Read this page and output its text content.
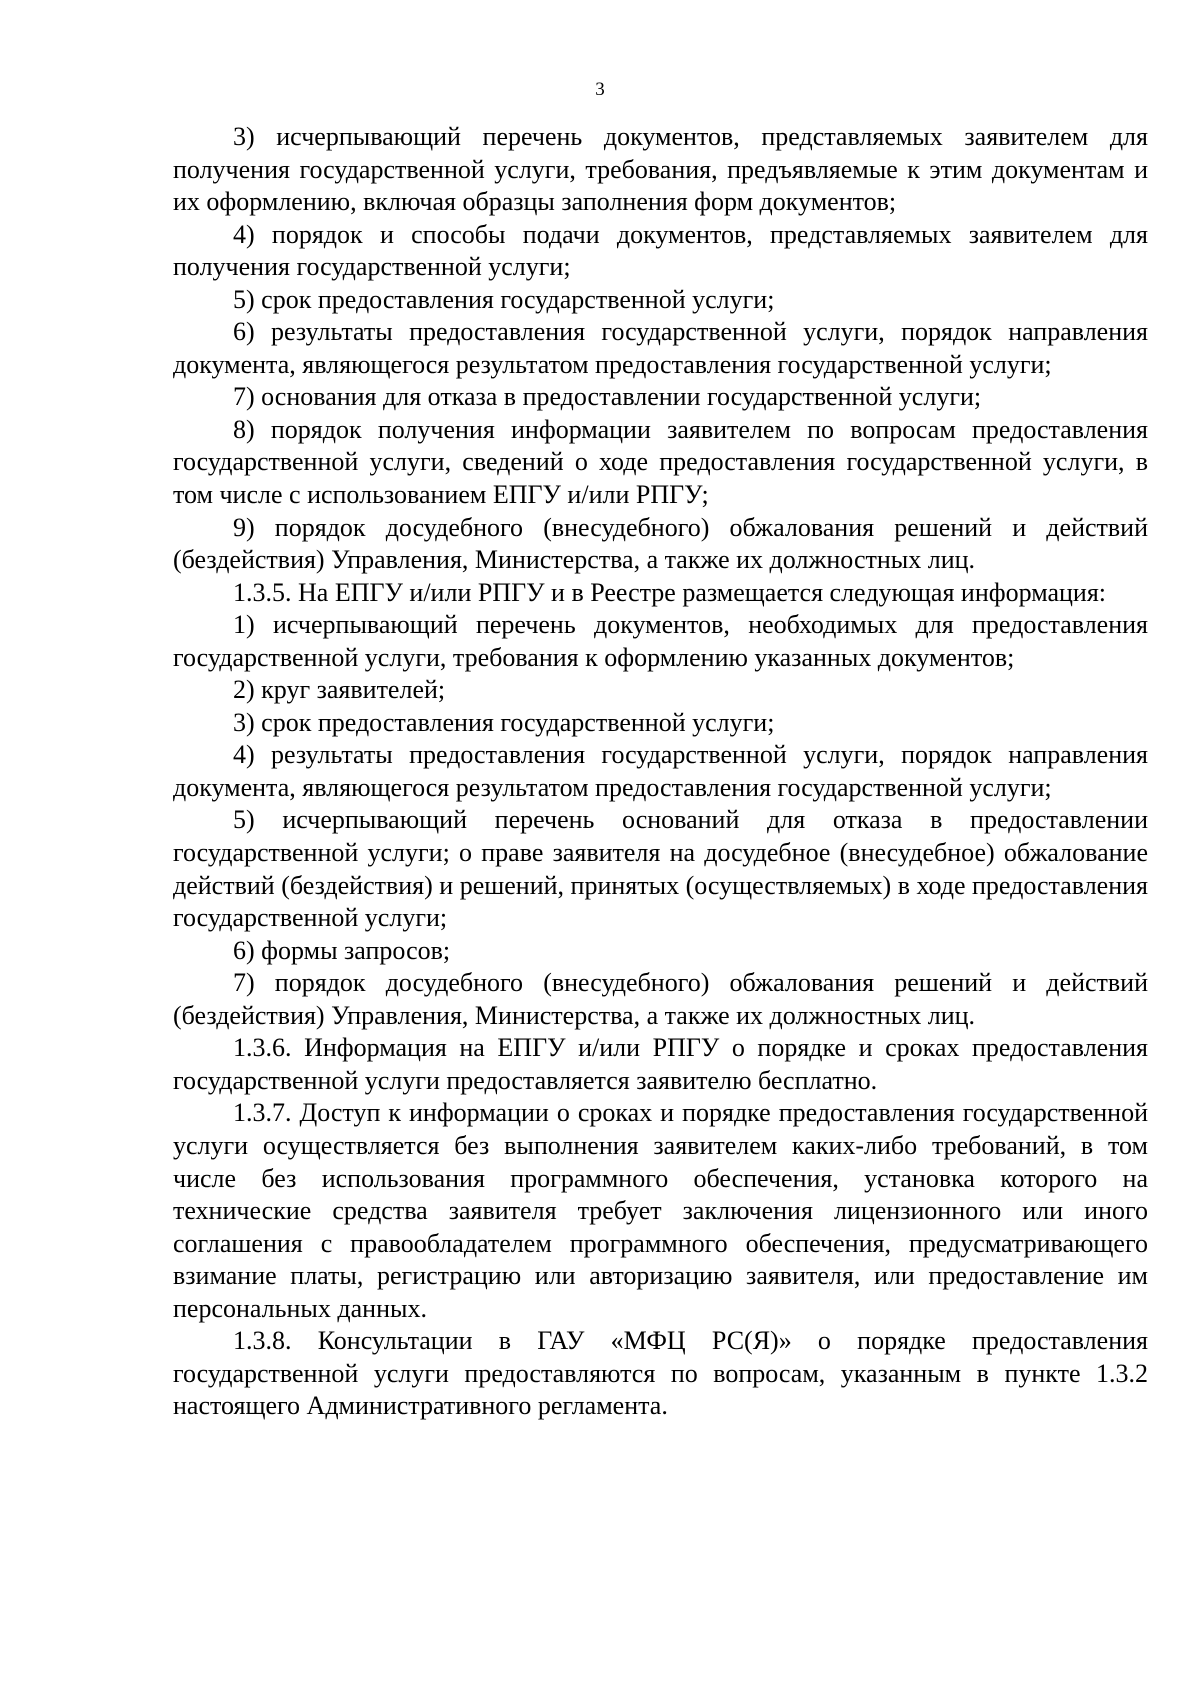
3

3) исчерпывающий перечень документов, представляемых заявителем для получения государственной услуги, требования, предъявляемые к этим документам и их оформлению, включая образцы заполнения форм документов;

4) порядок и способы подачи документов, представляемых заявителем для получения государственной услуги;

5) срок предоставления государственной услуги;

6) результаты предоставления государственной услуги, порядок направления документа, являющегося результатом предоставления государственной услуги;

7) основания для отказа в предоставлении государственной услуги;

8) порядок получения информации заявителем по вопросам предоставления государственной услуги, сведений о ходе предоставления государственной услуги, в том числе с использованием ЕПГУ и/или РПГУ;

9) порядок досудебного (внесудебного) обжалования решений и действий (бездействия) Управления, Министерства, а также их должностных лиц.

1.3.5. На ЕПГУ и/или РПГУ и в Реестре размещается следующая информация:

1) исчерпывающий перечень документов, необходимых для предоставления государственной услуги, требования к оформлению указанных документов;

2) круг заявителей;

3) срок предоставления государственной услуги;

4) результаты предоставления государственной услуги, порядок направления документа, являющегося результатом предоставления государственной услуги;

5) исчерпывающий перечень оснований для отказа в предоставлении государственной услуги; о праве заявителя на досудебное (внесудебное) обжалование действий (бездействия) и решений, принятых (осуществляемых) в ходе предоставления государственной услуги;

6) формы запросов;

7) порядок досудебного (внесудебного) обжалования решений и действий (бездействия) Управления, Министерства, а также их должностных лиц.

1.3.6. Информация на ЕПГУ и/или РПГУ о порядке и сроках предоставления государственной услуги предоставляется заявителю бесплатно.

1.3.7. Доступ к информации о сроках и порядке предоставления государственной услуги осуществляется без выполнения заявителем каких-либо требований, в том числе без использования программного обеспечения, установка которого на технические средства заявителя требует заключения лицензионного или иного соглашения с правообладателем программного обеспечения, предусматривающего взимание платы, регистрацию или авторизацию заявителя, или предоставление им персональных данных.

1.3.8. Консультации в ГАУ «МФЦ РС(Я)» о порядке предоставления государственной услуги предоставляются по вопросам, указанным в пункте 1.3.2 настоящего Административного регламента.
